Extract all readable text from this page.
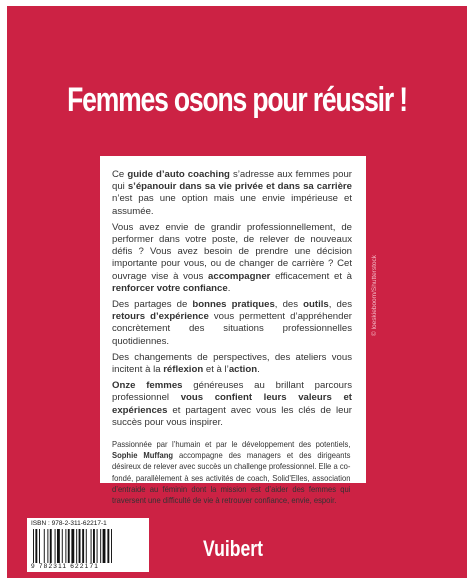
Femmes osons pour réussir !

Ce guide d’auto coaching s’adresse aux femmes pour qui s’épanouir dans sa vie privée et dans sa carrière n’est pas une option mais une envie impérieuse et assumée.

Vous avez envie de grandir professionnellement, de performer dans votre poste, de relever de nouveaux défis ? Vous avez besoin de prendre une décision importante pour vous, ou de changer de carrière ? Cet ouvrage vise à vous accompagner efficacement et à renforcer votre confiance.

Des partages de bonnes pratiques, des outils, des retours d’expérience vous permettent d’appréhender concrètement des situations professionnelles quotidiennes.

Des changements de perspectives, des ateliers vous incitent à la réflexion et à l’action.

Onze femmes généreuses au brillant parcours professionnel vous confient leurs valeurs et expériences et partagent avec vous les clés de leur succès pour vous inspirer.

Passionnée par l’humain et par le développement des potentiels, Sophie Muffang accompagne des managers et des dirigeants désireux de relever avec succès un challenge professionnel. Elle a co-fondé, parallèlement à ses activités de coach, Solid’Elles, association d’entraide au féminin dont la mission est d’aider des femmes qui traversent une difficulté de vie à retrouver confiance, envie, espoir.
© loeskieboom/Shutterstock
ISBN : 978-2-311-62217-1
9 782311 622171
Vuibert
